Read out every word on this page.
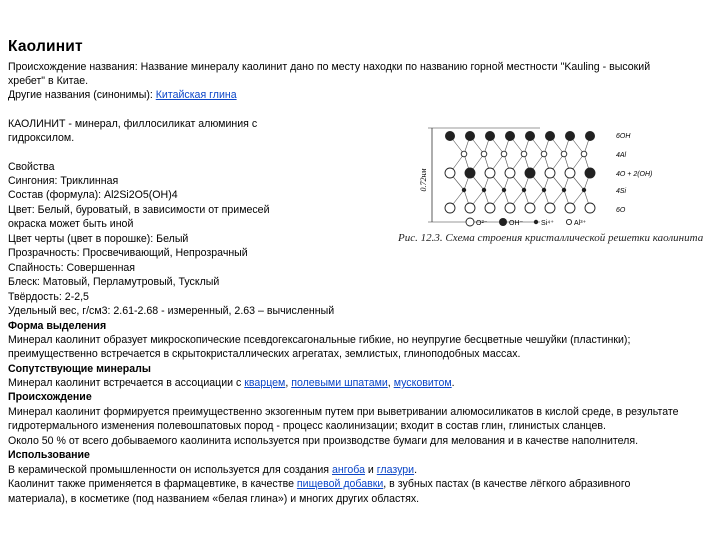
Каолинит
Происхождение названия: Название минералу каолинит дано по месту находки по названию горной местности "Kauling - высокий
хребет" в Китае.
Другие названия (синонимы): Китайская глина
КАОЛИНИТ - минерал, филлосиликат алюминия с
гидроксилом.
Свойства
Сингония: Триклинная
Состав (формула): Al2Si2O5(OH)4
Цвет: Белый, буроватый, в зависимости от примесей
окраска может быть иной
Цвет черты (цвет в порошке): Белый
Прозрачность: Просвечивающий, Непрозрачный
Спайность: Совершенная
Блеск: Матовый, Перламутровый, Тусклый
Твёрдость: 2-2,5
Удельный вес, г/см3: 2.61-2.68 - измеренный, 2.63 – вычисленный
Форма выделения
Минерал каолинит образует микроскопические псевдогексагональные гибкие, но неупругие бесцветные чешуйки (пластинки);
преимущественно встречается в скрытокристаллических агрегатах, землистых, глиноподобных массах.
Сопутствующие минералы
Минерал каолинит встречается в ассоциации с кварцем, полевыми шпатами, мусковитом.
Происхождение
Минерал каолинит формируется преимущественно экзогенным путем при выветривании алюмосиликатов в кислой среде, в результате
гидротермального изменения полевошпатовых пород - процесс каолинизации; входит в состав глин, глинистых сланцев.
Около 50 % от всего добываемого каолинита используется при производстве бумаги для мелования и в качестве наполнителя.
Использование
В керамической промышленности он используется для создания ангоба и глазури.
Каолинит также применяется в фармацевтике, в качестве пищевой добавки, в зубных пастах (в качестве лёгкого абразивного
материала), в косметике (под названием «белая глина») и многих других областях.
0.72нм
6OH
4Al
4O + 2(OH)
4Si
6O
O²⁻	OH⁻	Si⁴⁺	Al³⁺
Рис. 12.3. Схема строения кристаллической решетки каолинита
